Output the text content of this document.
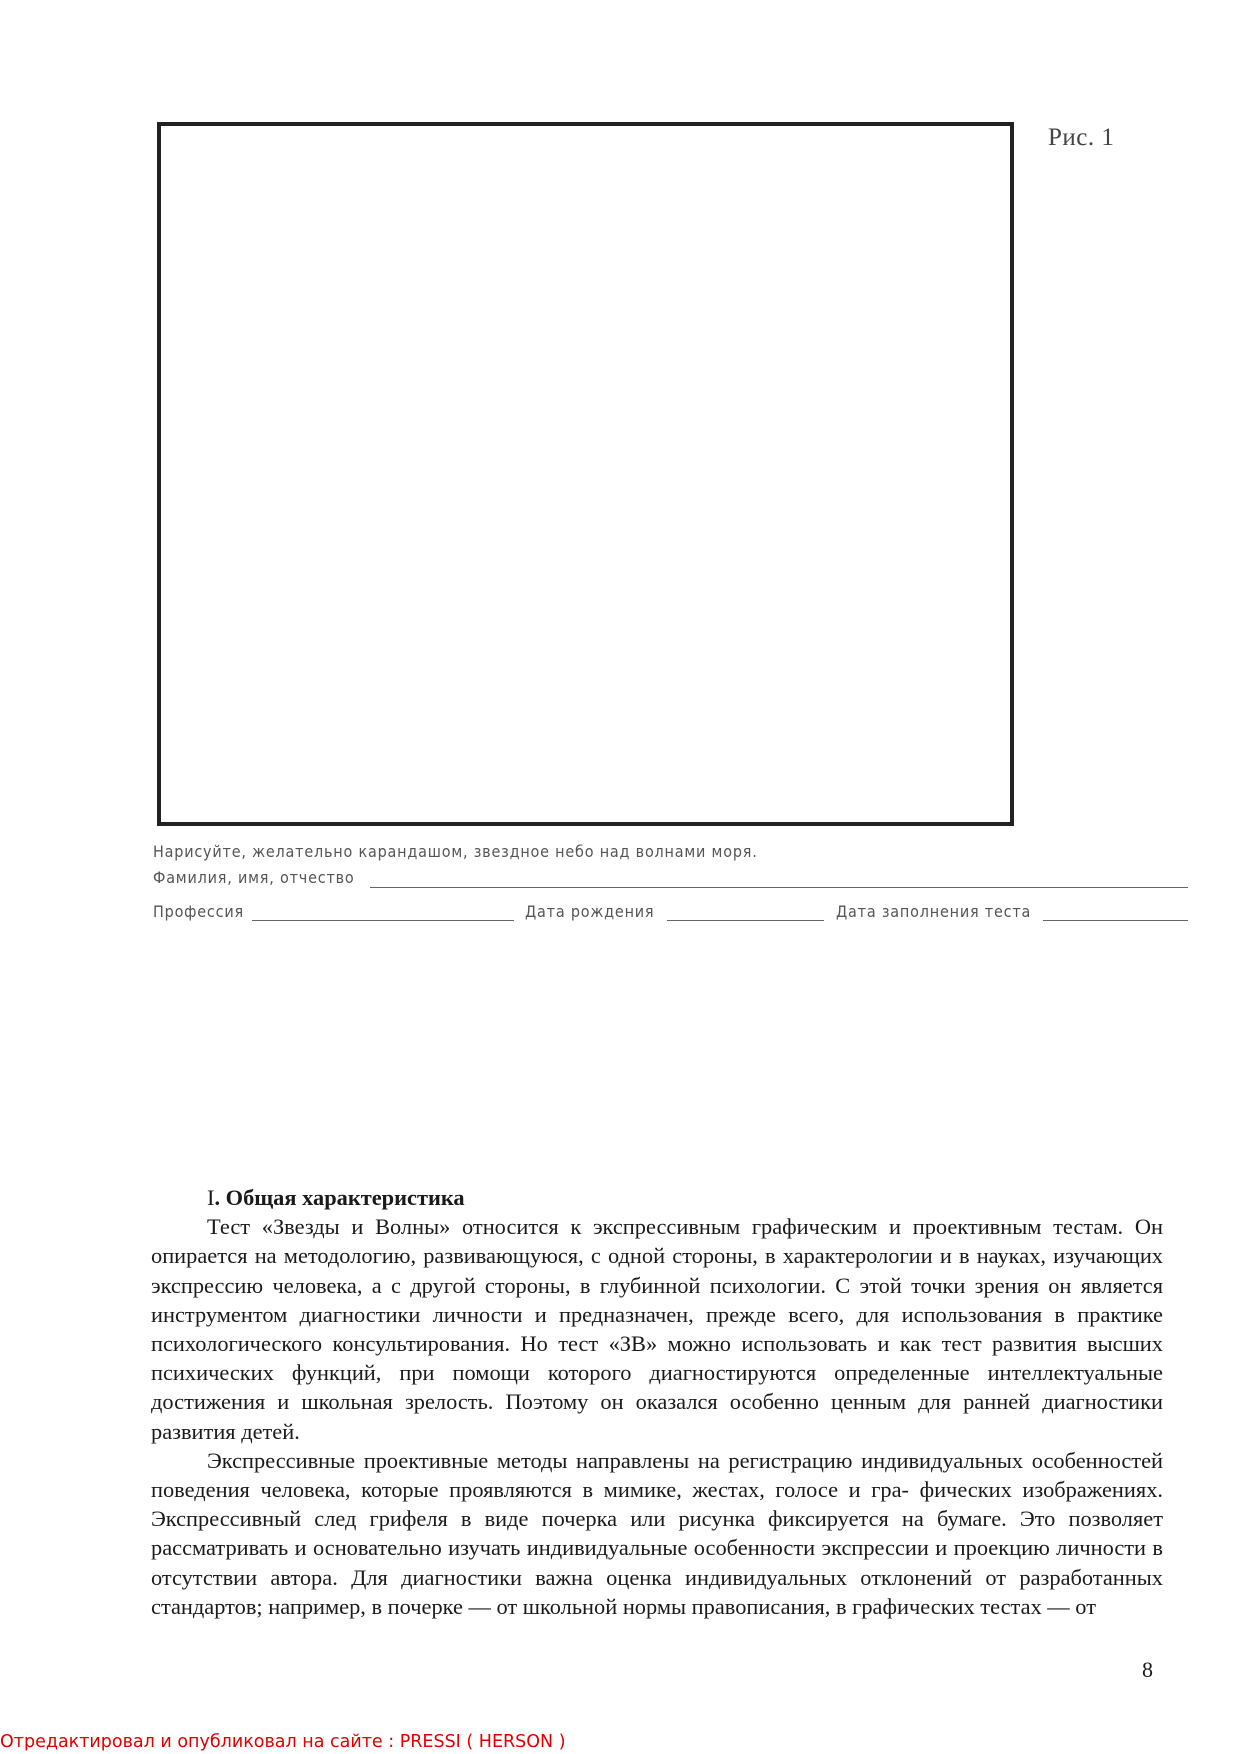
Рис. 1
Нарисуйте, желательно карандашом, звездное небо над волнами моря.
Фамилия, имя, отчество
Профессия	Дата рождения	Дата заполнения теста
I. Общая характеристика

Тест «Звезды и Волны» относится к экспрессивным графическим и проективным тестам. Он опирается на методологию, развивающуюся, с одной стороны, в характерологии и в науках, изучающих экспрессию человека, а с другой стороны, в глубинной психологии. С этой точки зрения он является инструментом диагностики личности и предназначен, прежде всего, для использования в практике психологического консультирования. Но тест «ЗВ» можно использовать и как тест развития высших психических функций, при помощи которого диагностируются определенные интеллектуальные достижения и школьная зрелость. Поэтому он оказался особенно ценным для ранней диагностики развития детей.

Экспрессивные проективные методы направлены на регистрацию индивидуальных особенностей поведения человека, которые проявляются в мимике, жестах, голосе и гра- фических изображениях. Экспрессивный след грифеля в виде почерка или рисунка фиксируется на бумаге. Это позволяет рассматривать и основательно изучать индивидуальные особенности экспрессии и проекцию личности в отсутствии автора. Для диагностики важна оценка индивидуальных отклонений от разработанных стандартов; например, в почерке — от школьной нормы правописания, в графических тестах — от

8
Отредактировал и опубликовал на сайте : PRESSI ( HERSON )
